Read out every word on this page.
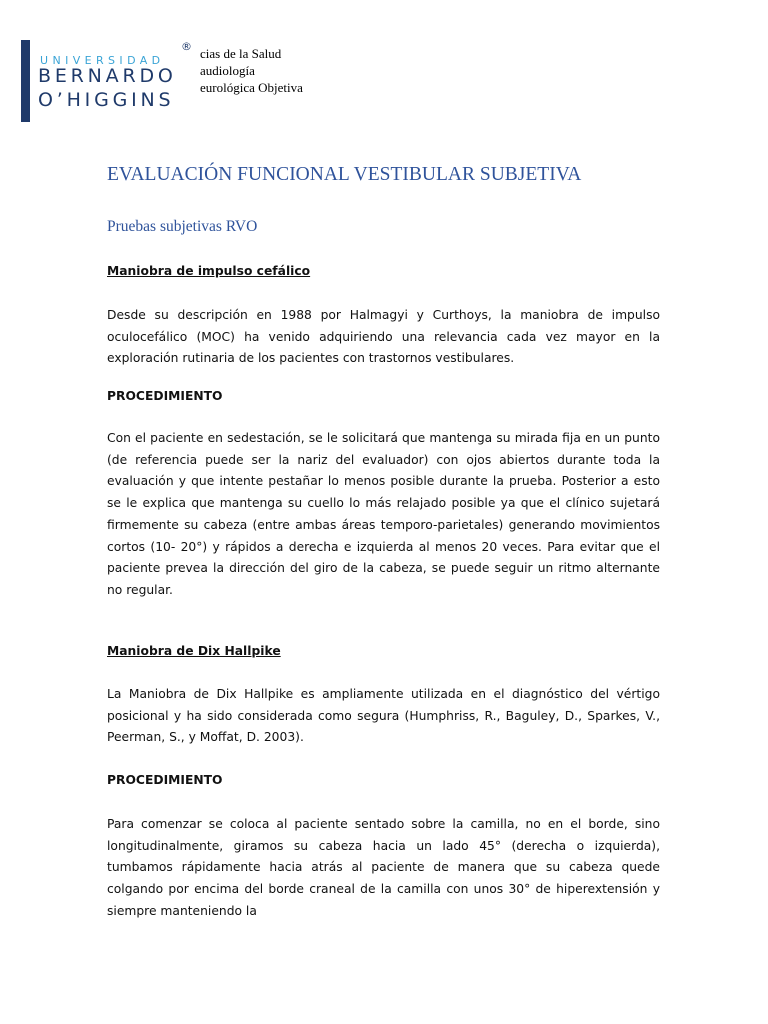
UNIVERSIDAD
®
BERNARDO
O’HIGGINS
cias de la Salud
audiología
eurológica Objetiva
EVALUACIÓN FUNCIONAL VESTIBULAR SUBJETIVA
Pruebas subjetivas RVO
Maniobra de impulso cefálico

Desde su descripción en 1988 por Halmagyi y Curthoys, la maniobra de impulso oculocefálico (MOC) ha venido adquiriendo una relevancia cada vez mayor en la exploración rutinaria de los pacientes con trastornos vestibulares.

PROCEDIMIENTO

Con el paciente en sedestación, se le solicitará que mantenga su mirada fija en un punto (de referencia puede ser la nariz del evaluador) con ojos abiertos durante toda la evaluación y que intente pestañar lo menos posible durante la prueba. Posterior a esto se le explica que mantenga su cuello lo más relajado posible ya que el clínico sujetará firmemente su cabeza (entre ambas áreas temporo-parietales) generando movimientos cortos (10- 20°) y rápidos a derecha e izquierda al menos 20 veces. Para evitar que el paciente prevea la dirección del giro de la cabeza, se puede seguir un ritmo alternante no regular.

Maniobra de Dix Hallpike

La Maniobra de Dix Hallpike es ampliamente utilizada en el diagnóstico del vértigo posicional y ha sido considerada como segura (Humphriss, R., Baguley, D., Sparkes, V., Peerman, S., y Moffat, D. 2003).

PROCEDIMIENTO

Para comenzar se coloca al paciente sentado sobre la camilla, no en el borde, sino longitudinalmente, giramos su cabeza hacia un lado 45° (derecha o izquierda), tumbamos rápidamente hacia atrás al paciente de manera que su cabeza quede colgando por encima del borde craneal de la camilla con unos 30° de hiperextensión y siempre manteniendo la
